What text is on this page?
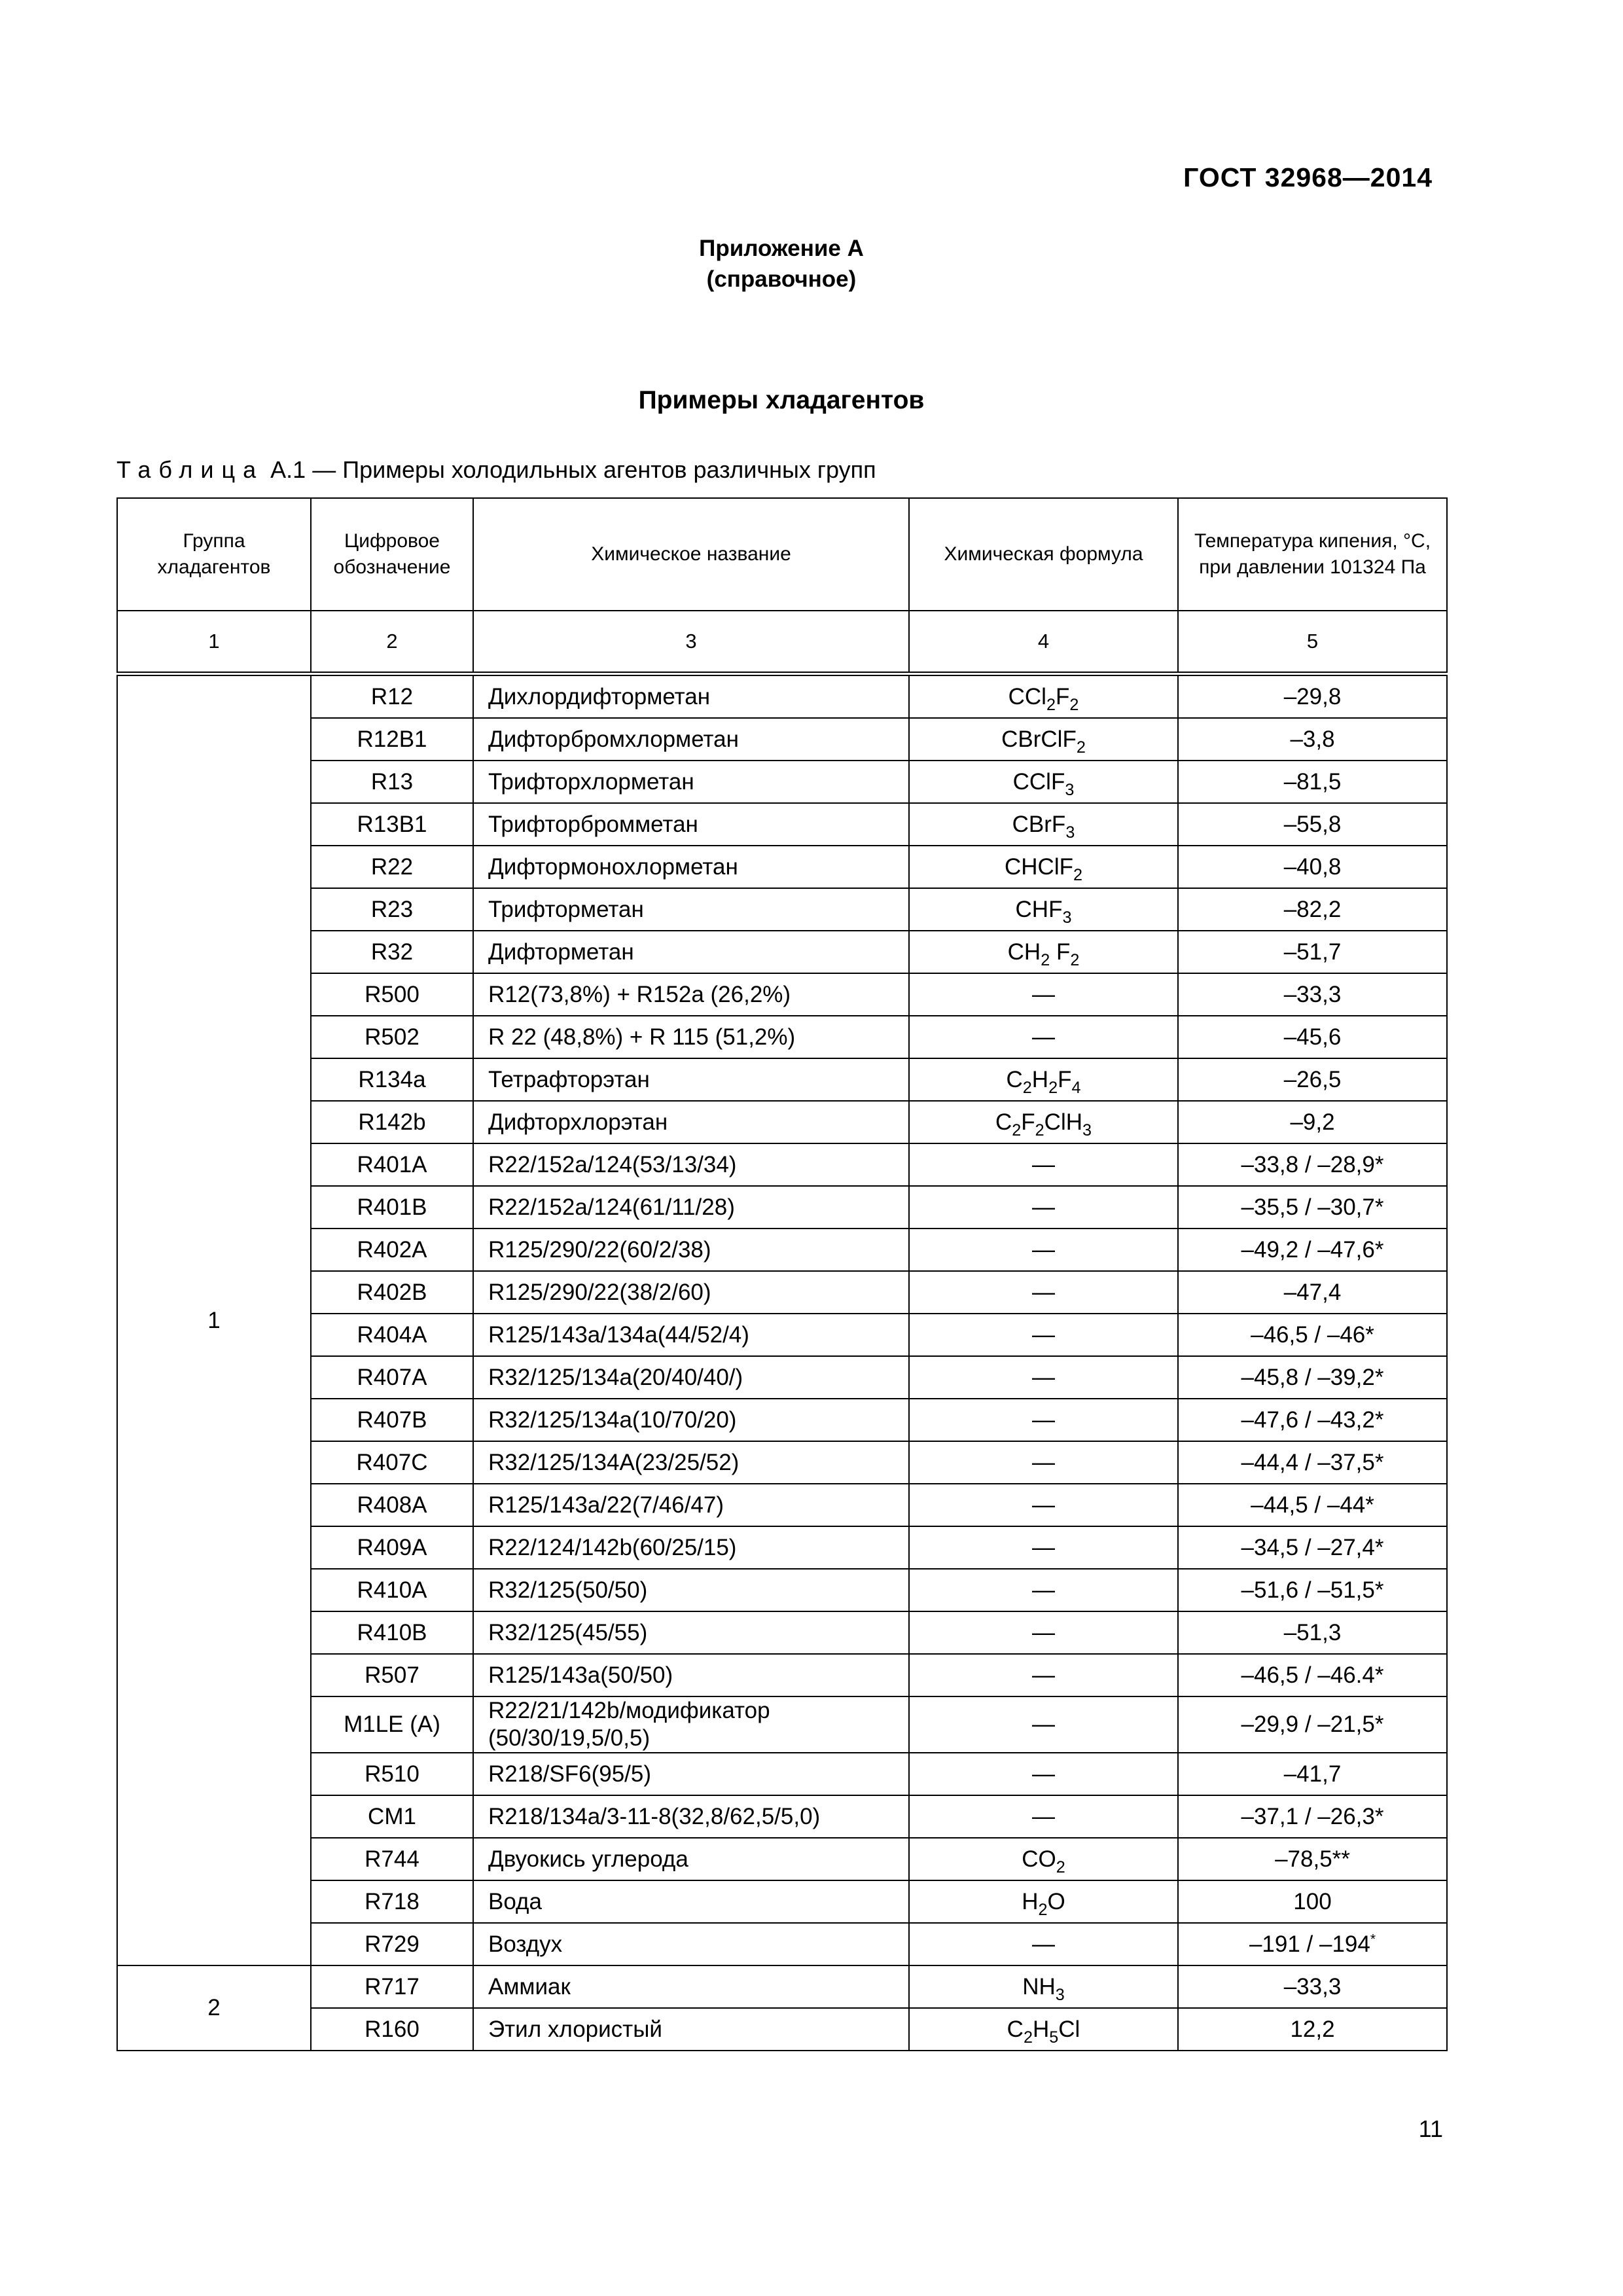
ГОСТ 32968—2014
Приложение А
(справочное)
Примеры хладагентов
Таблица А.1 — Примеры холодильных агентов различных групп
Группа хладагентов	Цифровое обозначение	Химическое название	Химическая формула	Температура кипения, °С, при давлении 101324 Па
1	2	3	4	5
1	R12	Дихлордифторметан	$CCl_2F_2$	–29,8
	R12B1	Дифторбромхлорметан	CBrClF$_2$	–3,8
	R13	Трифторхлорметан	CClF$_3$	–81,5
	R13B1	Трифторбромметан	CBrF$_3$	–55,8
	R22	Дифтормонохлорметан	CHClF$_2$	–40,8
	R23	Трифторметан	$CHF_3$	–82,2
	R32	Дифторметан	$CH_2$ $F_2$	–51,7
	R500	R12(73,8%) + R152a (26,2%)	—	–33,3
	R502	R 22 (48,8%) + R 115 (51,2%)	—	–45,6
	R134a	Тетрафторэтан	$C_2H_2F_4$	–26,5
	R142b	Дифторхлорэтан	$C_2F_2ClH_3$	–9,2
	R401A	R22/152a/124(53/13/34)	—	–33,8 / –28,9*
	R401B	R22/152a/124(61/11/28)	—	–35,5 / –30,7*
	R402A	R125/290/22(60/2/38)	—	–49,2 / –47,6*
	R402B	R125/290/22(38/2/60)	—	–47,4
	R404A	R125/143a/134a(44/52/4)	—	–46,5 / –46*
	R407A	R32/125/134a(20/40/40/)	—	–45,8 / –39,2*
	R407B	R32/125/134a(10/70/20)	—	–47,6 / –43,2*
	R407C	R32/125/134A(23/25/52)	—	–44,4 / –37,5*
	R408A	R125/143a/22(7/46/47)	—	–44,5 / –44*
	R409A	R22/124/142b(60/25/15)	—	–34,5 / –27,4*
	R410A	R32/125(50/50)	—	–51,6 / –51,5*
	R410B	R32/125(45/55)	—	–51,3
	R507	R125/143a(50/50)	—	–46,5 / –46.4*
	M1LE (A)	R22/21/142b/модификатор (50/30/19,5/0,5)	—	–29,9 / –21,5*
	R510	R218/SF6(95/5)	—	–41,7
	CM1	R218/134a/3-11-8(32,8/62,5/5,0)	—	–37,1 / –26,3*
	R744	Двуокись углерода	$CO_2$	–78,5**
	R718	Вода	$H_2O$	100
	R729	Воздух	—	–191 / –194*
2	R717	Аммиак	$NH_3$	–33,3
	R160	Этил хлористый	$C_2H_5Cl$	12,2
11
